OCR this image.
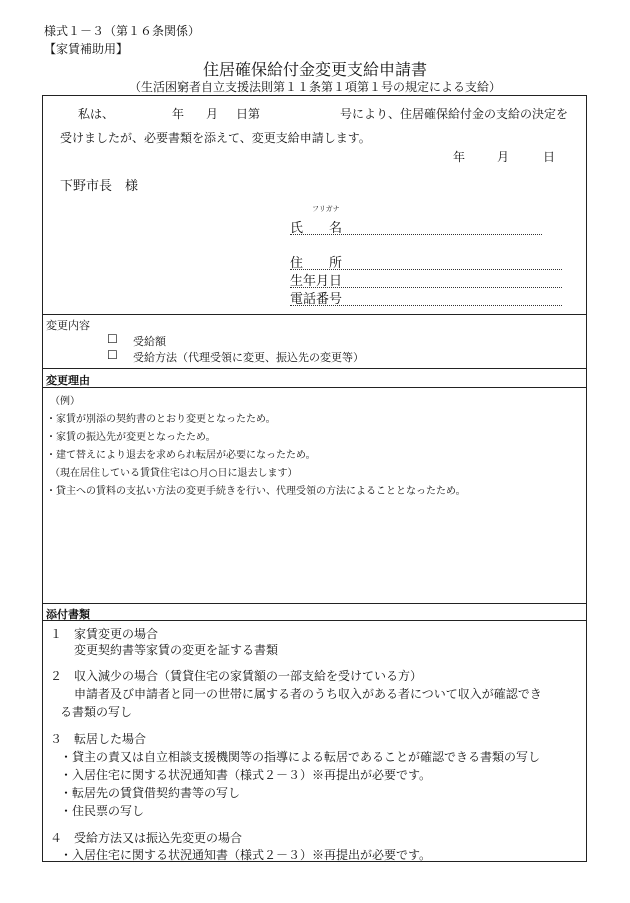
様式１－３（第１６条関係）
【家賃補助用】
住居確保給付金変更支給申請書
（生活困窮者自立支援法則第１１条第１項第１号の規定による支給）
私は、	年 月 日第	号により、住居確保給付金の支給の決定を
受けましたが、必要書類を添えて、変更支給申請します。
年	月	日
下野市長　様
フリガナ
氏　　名
住　　所
生年月日
電話番号
変更内容
☐ 受給額
☐ 受給方法（代理受領に変更、振込先の変更等）
変更理由
（例）
・家賃が別添の契約書のとおり変更となったため。
・家賃の振込先が変更となったため。
・建て替えにより退去を求められ転居が必要になったため。
（現在居住している賃貸住宅は○月○日に退去します）
・貸主への賃料の支払い方法の変更手続きを行い、代理受領の方法によることとなったため。
添付書類
１　家賃変更の場合
変更契約書等家賃の変更を証する書類
２　収入減少の場合（賃貸住宅の家賃額の一部支給を受けている方）
申請者及び申請者と同一の世帯に属する者のうち収入がある者について収入が確認でき
る書類の写し
３　転居した場合
・貸主の責又は自立相談支援機関等の指導による転居であることが確認できる書類の写し
・入居住宅に関する状況通知書（様式２－３）※再提出が必要です。
・転居先の賃貸借契約書等の写し
・住民票の写し
４　受給方法又は振込先変更の場合
・入居住宅に関する状況通知書（様式２－３）※再提出が必要です。
